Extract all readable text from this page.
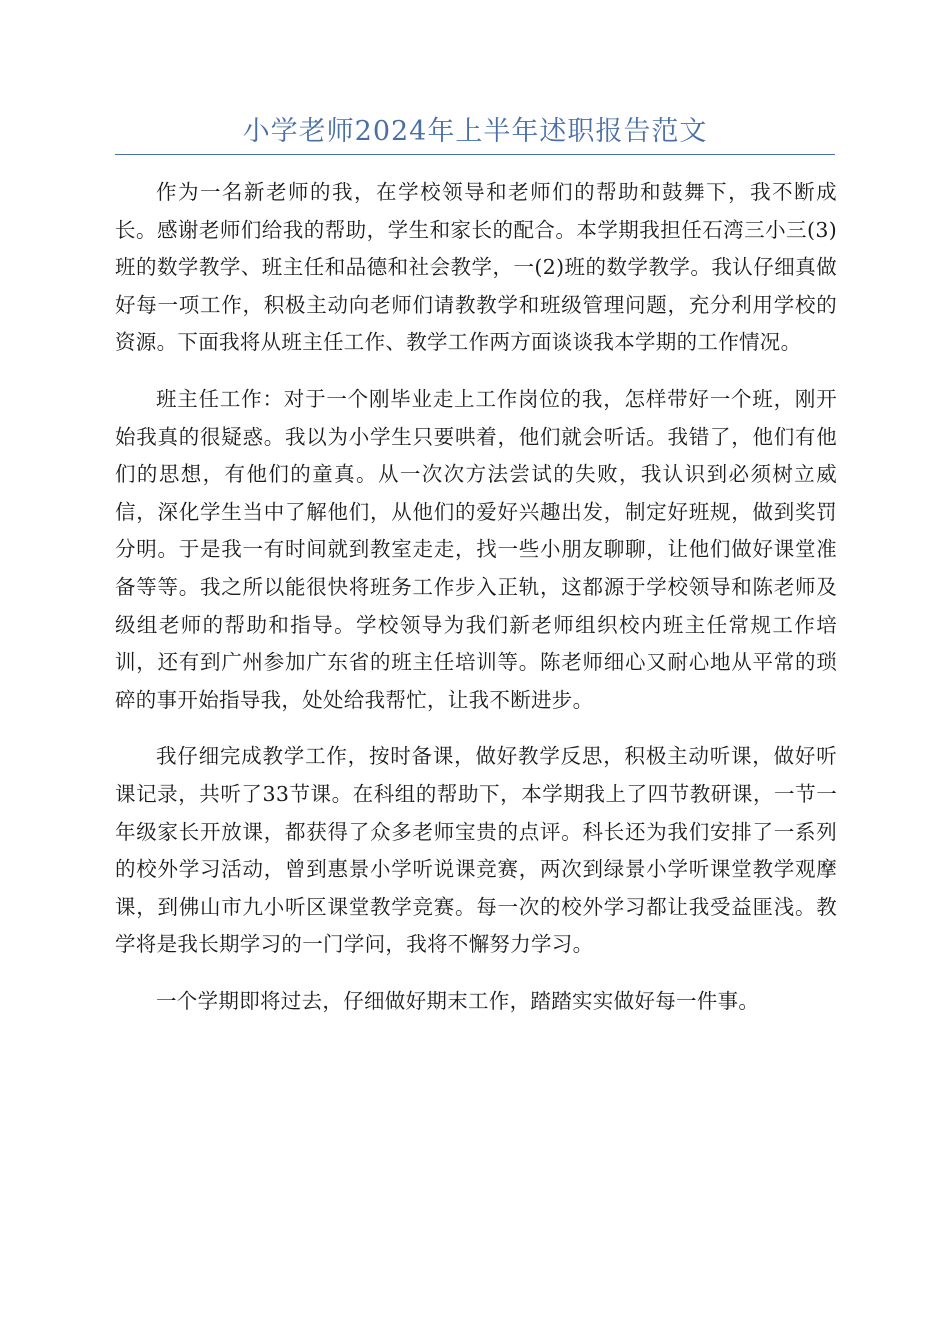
小学老师2024年上半年述职报告范文

作为一名新老师的我，在学校领导和老师们的帮助和鼓舞下，我不断成长。感谢老师们给我的帮助，学生和家长的配合。本学期我担任石湾三小三(3)班的数学教学、班主任和品德和社会教学，一(2)班的数学教学。我认仔细真做好每一项工作，积极主动向老师们请教教学和班级管理问题，充分利用学校的资源。下面我将从班主任工作、教学工作两方面谈谈我本学期的工作情况。

班主任工作：对于一个刚毕业走上工作岗位的我，怎样带好一个班，刚开始我真的很疑惑。我以为小学生只要哄着，他们就会听话。我错了，他们有他们的思想，有他们的童真。从一次次方法尝试的失败，我认识到必须树立威信，深化学生当中了解他们，从他们的爱好兴趣出发，制定好班规，做到奖罚分明。于是我一有时间就到教室走走，找一些小朋友聊聊，让他们做好课堂准备等等。我之所以能很快将班务工作步入正轨，这都源于学校领导和陈老师及级组老师的帮助和指导。学校领导为我们新老师组织校内班主任常规工作培训，还有到广州参加广东省的班主任培训等。陈老师细心又耐心地从平常的琐碎的事开始指导我，处处给我帮忙，让我不断进步。

我仔细完成教学工作，按时备课，做好教学反思，积极主动听课，做好听课记录，共听了33节课。在科组的帮助下，本学期我上了四节教研课，一节一年级家长开放课，都获得了众多老师宝贵的点评。科长还为我们安排了一系列的校外学习活动，曾到惠景小学听说课竞赛，两次到绿景小学听课堂教学观摩课，到佛山市九小听区课堂教学竞赛。每一次的校外学习都让我受益匪浅。教学将是我长期学习的一门学问，我将不懈努力学习。

一个学期即将过去，仔细做好期末工作，踏踏实实做好每一件事。
